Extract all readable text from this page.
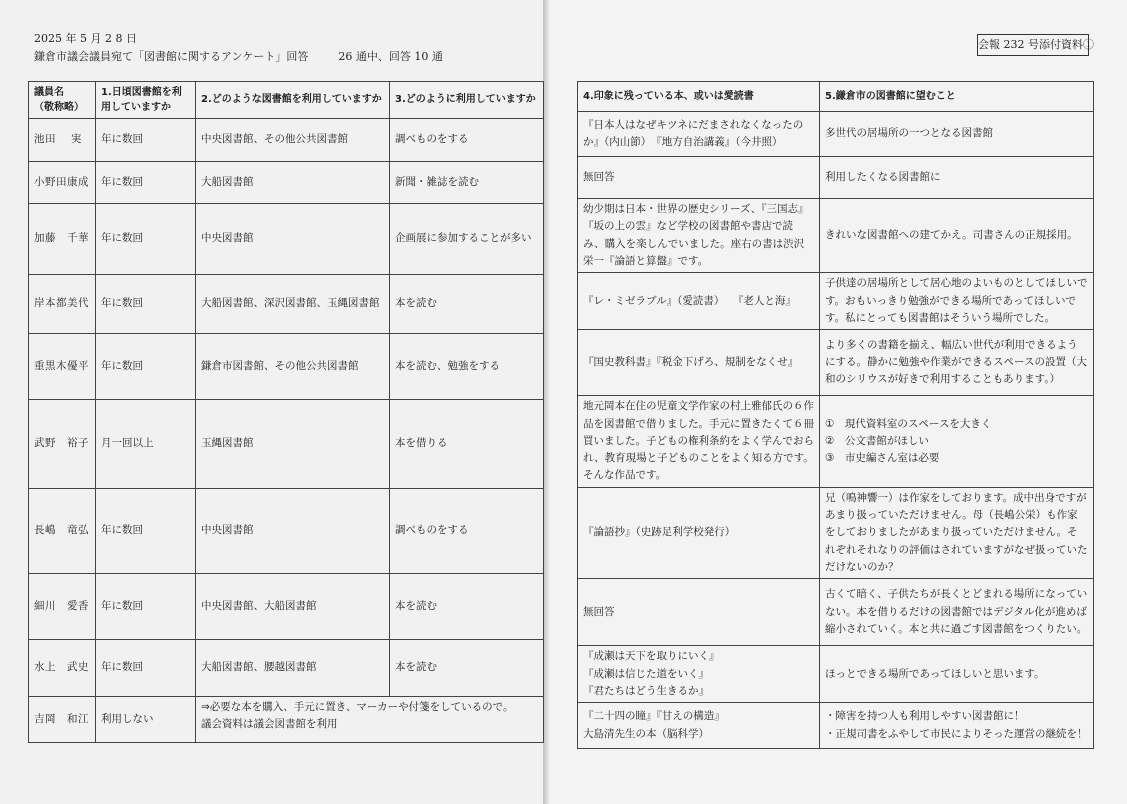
2025 年 5 月 2 8 日
鎌倉市議会議員宛て「図書館に関するアンケート」回答	26 通中、回答 10 通
会報 232 号添付資料①
議員名
（敬称略）	1.日頃図書館を利用していますか	2.どのような図書館を利用していますか	3.どのように利用していますか
池田　 実	年に数回	中央図書館、その他公共図書館	調べものをする
小野田康成	年に数回	大船図書館	新聞・雑誌を読む
加藤　千華	年に数回	中央図書館	企画展に参加することが多い
岸本都美代	年に数回	大船図書館、深沢図書館、玉縄図書館	本を読む
重黒木優平	年に数回	鎌倉市図書館、その他公共図書館	本を読む、勉強をする
武野　裕子	月一回以上	玉縄図書館	本を借りる
長嶋　竜弘	年に数回	中央図書館	調べものをする
細川　愛香	年に数回	中央図書館、大船図書館	本を読む
水上　武史	年に数回	大船図書館、腰越図書館	本を読む
吉岡　和江	利用しない	⇒必要な本を購入、手元に置き、マーカーや付箋をしているので。
議会資料は議会図書館を利用	
4.印象に残っている本、或いは愛読書	5.鎌倉市の図書館に望むこと
『日本人はなぜキツネにだまされなくなったのか』（内山節）　『地方自治講義』（今井照）	多世代の居場所の一つとなる図書館
無回答	利用したくなる図書館に
幼少期は日本・世界の歴史シリーズ、『三国志』『坂の上の雲』など学校の図書館や書店で読み、購入を楽しんでいました。座右の書は渋沢栄一『論語と算盤』です。	きれいな図書館への建てかえ。司書さんの正規採用。
『レ・ミゼラブル』（愛読書）　 『老人と海』	子供達の居場所として居心地のよいものとしてほしいです。おもいっきり勉強ができる場所であってほしいです。私にとっても図書館はそういう場所でした。
『国史教科書』『税金下げろ、規制をなくせ』	より多くの書籍を揃え、幅広い世代が利用できるようにする。静かに勉強や作業ができるスペースの設置（大和のシリウスが好きで利用することもあります。）
地元岡本在住の児童文学作家の村上雅郁氏の６作品を図書館で借りました。手元に置きたくて６冊買いました。子どもの権利条約をよく学んでおられ、教育現場と子どものことをよく知る方です。そんな作品です。	①　現代資料室のスペースを大きく
②　公文書館がほしい
③　市史編さん室は必要
『論語抄』（史跡足利学校発行）	兄（鳴神響一）は作家をしております。成中出身ですがあまり扱っていただけません。母（長嶋公栄）も作家をしておりましたがあまり扱っていただけません。それぞれそれなりの評価はされていますがなぜ扱っていただけないのか？
無回答	古くて暗く、子供たちが長くとどまれる場所になっていない。本を借りるだけの図書館ではデジタル化が進めば縮小されていく。本と共に過ごす図書館をつくりたい。
『成瀬は天下を取りにいく』
『成瀬は信じた道をいく』
『君たちはどう生きるか』	ほっとできる場所であってほしいと思います。
『二十四の瞳』『甘えの構造』
大島清先生の本（脳科学）	・障害を持つ人も利用しやすい図書館に！
・正規司書をふやして市民によりそった運営の継続を！
